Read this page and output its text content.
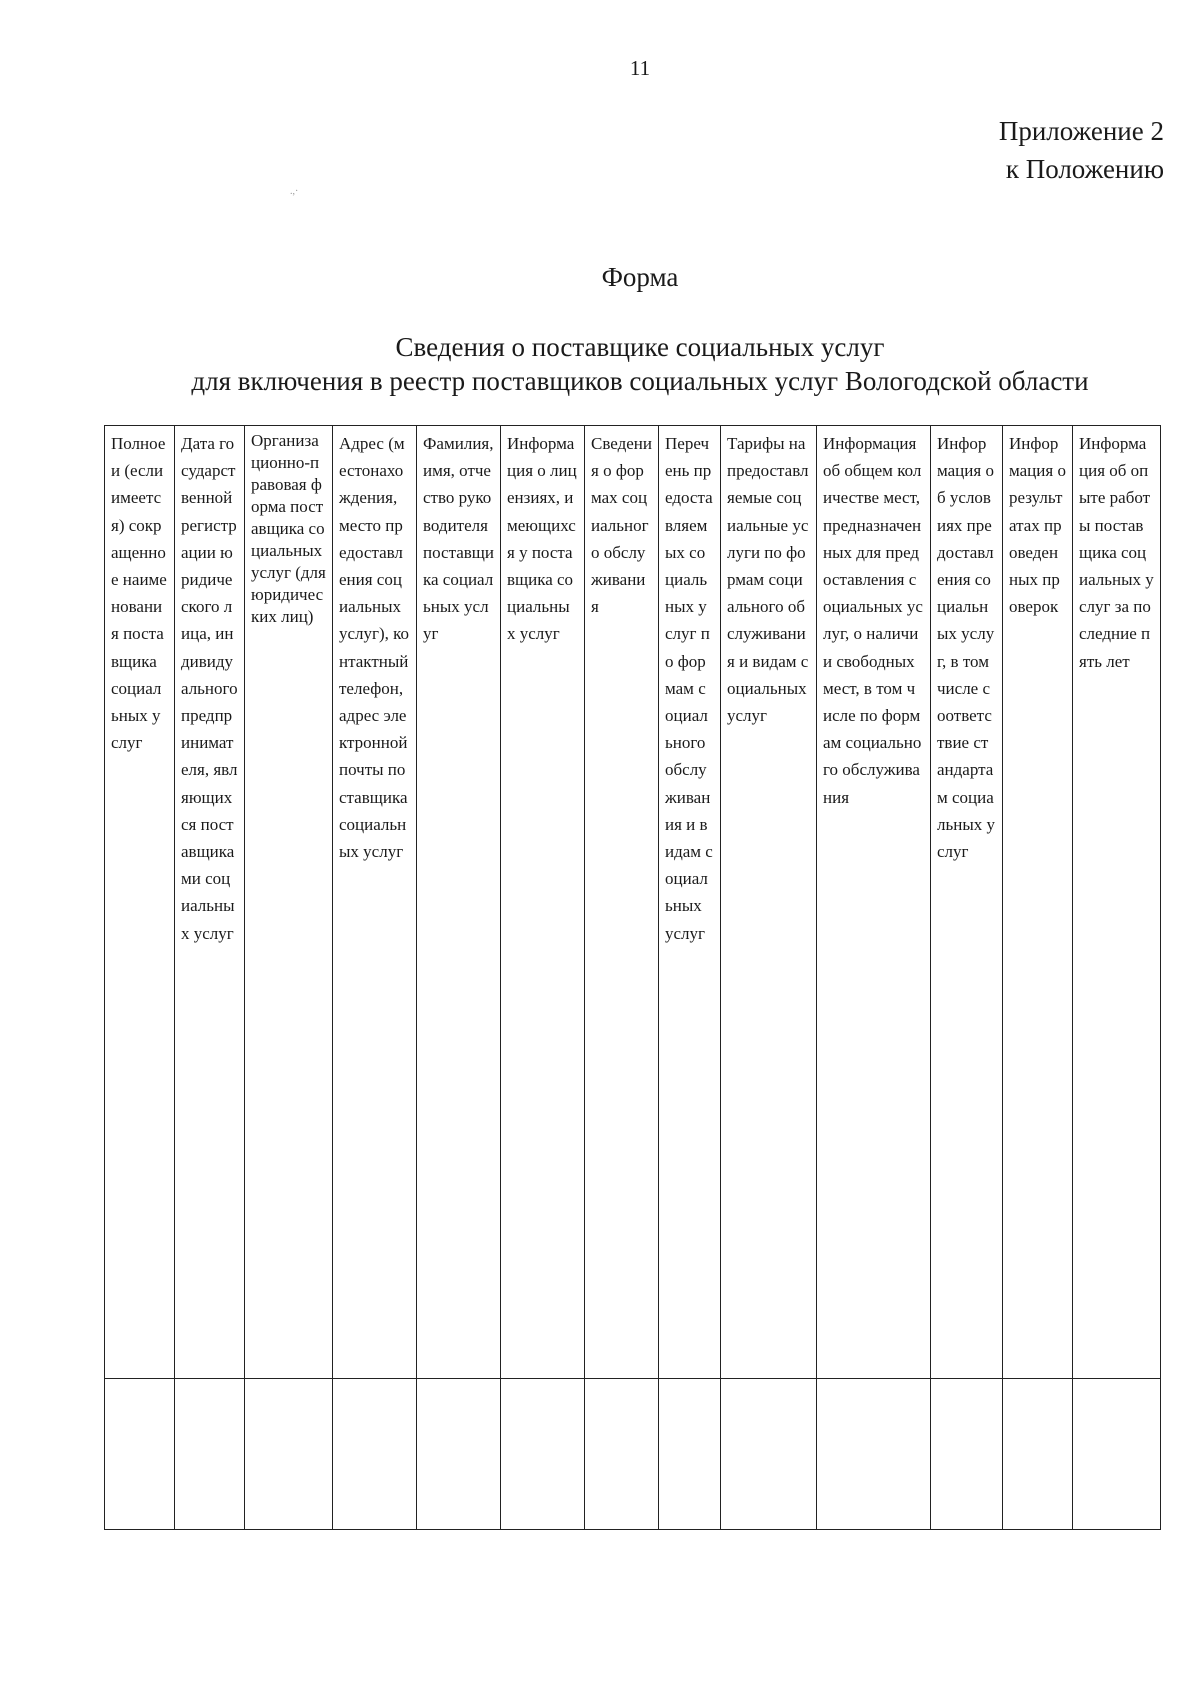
11
Приложение 2
к Положению
.,·
Форма
Сведения о поставщике социальных услуг
для включения в реестр поставщиков социальных услуг Вологодской области
Полное и (если имеется) сокращенное наименования поставщика социальных услуг	Дата государственной регистрации юридического лица, индивидуального предпринимателя, являющихся поставщиками социальных услуг	Организационно-правовая форма поставщика социальных услуг (для юридических лиц)	Адрес (местонахождения, место предоставления социальных услуг), контактный телефон, адрес электронной почты поставщика социальных услуг	Фамилия, имя, отчество руководителя поставщика социальных услуг	Информация о лицензиях, имеющихся у поставщика социальных услуг	Сведения о формах социального обслуживания	Перечень предоставляемых социальных услуг по формам социального обслуживания и видам социальных услуг	Тарифы на предоставляемые социальные услуги по формам социального обслуживания и видам социальных услуг	Информация об общем количестве мест, предназначенных для предоставления социальных услуг, о наличии свободных мест, в том числе по формам социального обслуживания	Информация об условиях предоставления социальных услуг, в том числе соответствие стандартам социальных услуг	Информация о результатах проведенных проверок	Информация об опыте работы поставщика социальных услуг за последние пять лет
